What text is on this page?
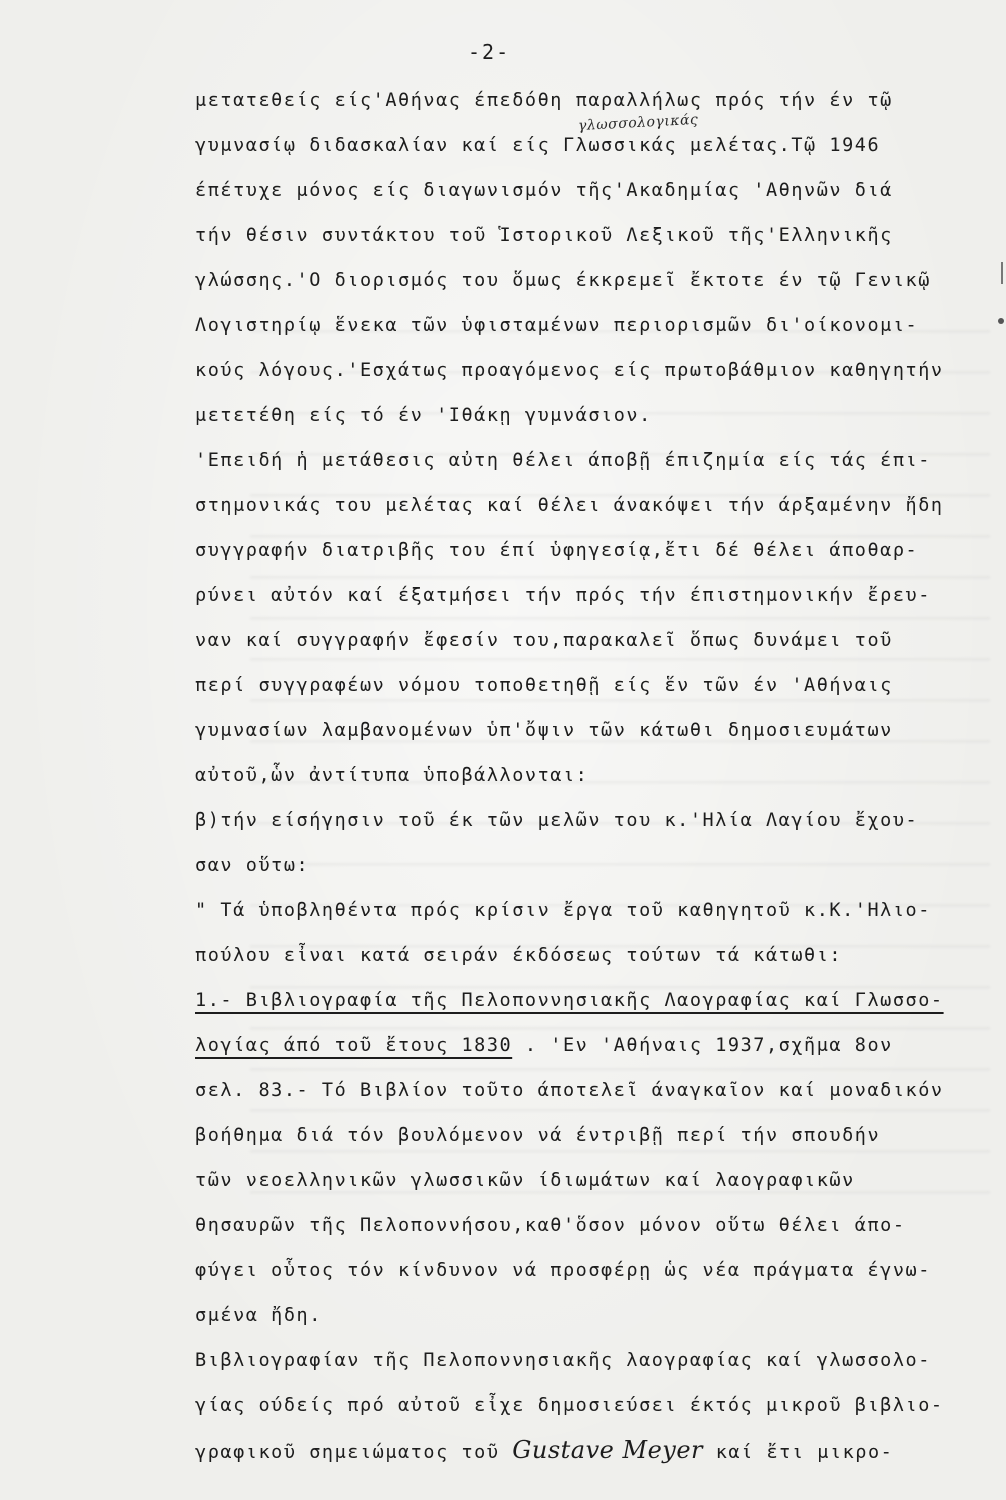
-2-
γλωσσολογικάς
μετατεθείς είς'Αθήνας έπεδόθη παραλλήλως πρός τήν έν τῷ
γυμνασίῳ διδασκαλίαν καί είς Γλωσσικάς μελέτας.Τῷ 1946
έπέτυχε μόνος είς διαγωνισμόν τῆς'Ακαδημίας 'Αθηνῶν διά
τήν θέσιν συντάκτου τοῦ Ἱστορικοῦ Λεξικοῦ τῆς'Ελληνικῆς
γλώσσης.'Ο διορισμός του ὅμως έκκρεμεῖ ἔκτοτε έν τῷ Γενικῷ
Λογιστηρίῳ ἕνεκα τῶν ὑφισταμένων περιορισμῶν δι'οίκονομι-
κούς λόγους.'Εσχάτως προαγόμενος είς πρωτοβάθμιον καθηγητήν
μετετέθη είς τό έν 'Ιθάκῃ γυμνάσιον.
'Επειδή ἡ μετάθεσις αὐτη θέλει άποβῇ έπιζημία είς τάς έπι-
στημονικάς του μελέτας καί θέλει άνακόψει τήν άρξαμένην ἤδη
συγγραφήν διατριβῆς του έπί ὑφηγεσίᾳ,ἔτι δέ θέλει άποθαρ-
ρύνει αὐτόν καί έξατμήσει τήν πρός τήν έπιστημονικήν ἔρευ-
ναν καί συγγραφήν ἔφεσίν του,παρακαλεῖ ὅπως δυνάμει τοῦ
περί συγγραφέων νόμου τοποθετηθῇ είς ἕν τῶν έν 'Αθήναις
γυμνασίων λαμβανομένων ὑπ'ὄψιν τῶν κάτωθι δημοσιευμάτων
αὐτοῦ,ὧν ἀντίτυπα ὑποβάλλονται:
β)τήν είσήγησιν τοῦ έκ τῶν μελῶν του κ.'Ηλία Λαγίου ἔχου-
σαν οὕτω:
" Τά ὑποβληθέντα πρός κρίσιν ἔργα τοῦ καθηγητοῦ κ.Κ.'Ηλιο-
πούλου εἶναι κατά σειράν έκδόσεως τούτων τά κάτωθι:
1.- Βιβλιογραφία τῆς Πελοποννησιακῆς Λαογραφίας καί Γλωσσο-
λογίας άπό τοῦ ἔτους 1830 . 'Εν 'Αθήναις 1937,σχῆμα 8ον
σελ. 83.- Τό Βιβλίον τοῦτο άποτελεῖ άναγκαῖον καί μοναδικόν
βοήθημα διά τόν βουλόμενον νά έντριβῇ περί τήν σπουδήν
τῶν νεοελληνικῶν γλωσσικῶν ίδιωμάτων καί λαογραφικῶν
θησαυρῶν τῆς Πελοποννήσου,καθ'ὅσον μόνον οὕτω θέλει άπο-
φύγει οὗτος τόν κίνδυνον νά προσφέρῃ ὡς νέα πράγματα έγνω-
σμένα ἤδη.
Βιβλιογραφίαν τῆς Πελοποννησιακῆς λαογραφίας καί γλωσσολο-
γίας ούδείς πρό αὐτοῦ εἶχε δημοσιεύσει έκτός μικροῦ βιβλιο-
γραφικοῦ σημειώματος τοῦ Gustave Meyer καί ἔτι μικρο-
